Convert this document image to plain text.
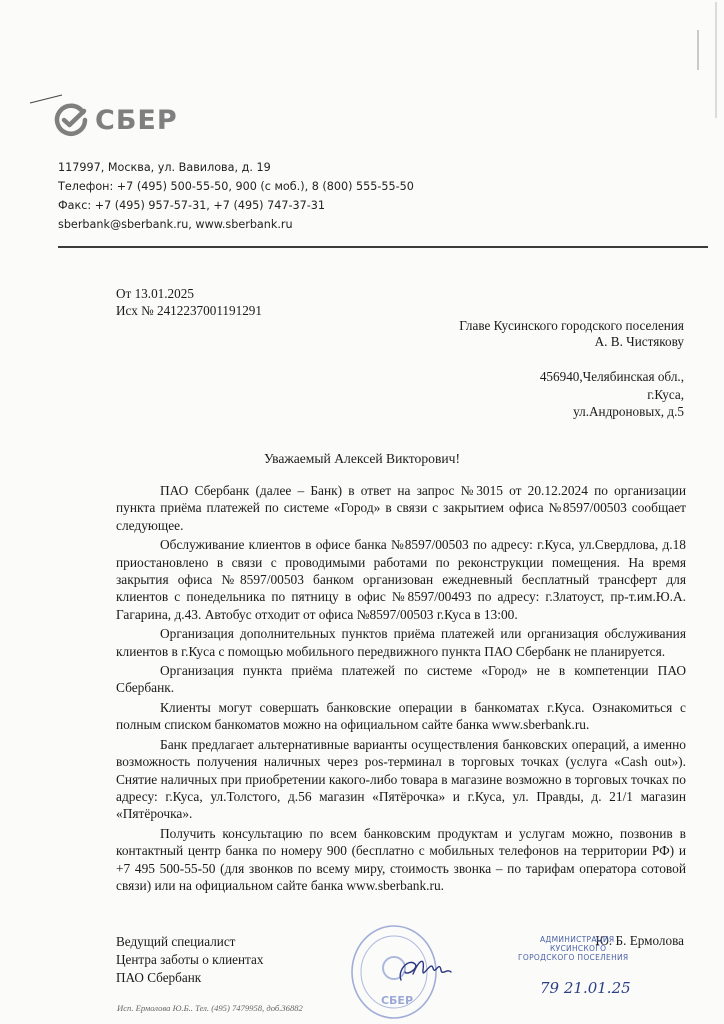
СБЕР
117997, Москва, ул. Вавилова, д. 19
Телефон: +7 (495) 500-55-50, 900 (с моб.), 8 (800) 555-55-50
Факс: +7 (495) 957-57-31, +7 (495) 747-37-31
sberbank@sberbank.ru, www.sberbank.ru
От 13.01.2025
Исх № 2412237001191291
Главе Кусинского городского поселения
А. В. Чистякову
456940,Челябинская обл.,
г.Куса,
ул.Андроновых, д.5
Уважаемый Алексей Викторович!

ПАО Сбербанк (далее – Банк) в ответ на запрос №3015 от 20.12.2024 по организации пункта приёма платежей по системе «Город» в связи с закрытием офиса №8597/00503 сообщает следующее.

Обслуживание клиентов в офисе банка №8597/00503 по адресу: г.Куса, ул.Свердлова, д.18 приостановлено в связи с проводимыми работами по реконструкции помещения. На время закрытия офиса №8597/00503 банком организован ежедневный бесплатный трансферт для клиентов с понедельника по пятницу в офис №8597/00493 по адресу: г.Златоуст, пр-т.им.Ю.А. Гагарина, д.43. Автобус отходит от офиса №8597/00503 г.Куса в 13:00.

Организация дополнительных пунктов приёма платежей или организация обслуживания клиентов в г.Куса с помощью мобильного передвижного пункта ПАО Сбербанк не планируется.

Организация пункта приёма платежей по системе «Город» не в компетенции ПАО Сбербанк.

Клиенты могут совершать банковские операции в банкоматах г.Куса. Ознакомиться с полным списком банкоматов можно на официальном сайте банка www.sberbank.ru.

Банк предлагает альтернативные варианты осуществления банковских операций, а именно возможность получения наличных через pos-терминал в торговых точках (услуга «Cash out»). Снятие наличных при приобретении какого-либо товара в магазине возможно в торговых точках по адресу: г.Куса, ул.Толстого, д.56 магазин «Пятёрочка» и г.Куса, ул. Правды, д. 21/1 магазин «Пятёрочка».

Получить консультацию по всем банковским продуктам и услугам можно, позвонив в контактный центр банка по номеру 900 (бесплатно с мобильных телефонов на территории РФ) и +7 495 500-55-50 (для звонков по всему миру, стоимость звонка – по тарифам оператора сотовой связи) или на официальном сайте банка www.sberbank.ru.

Ведущий специалист
Центра заботы о клиентах
ПАО Сбербанк
Ю. Б. Ермолова
СБЕР
АДМИНИСТРАЦИЯ
КУСИНСКОГО
ГОРОДСКОГО ПОСЕЛЕНИЯ
79 21.01.25
Исп. Ермолова Ю.Б.. Тел. (495) 7479958, доб.36882
